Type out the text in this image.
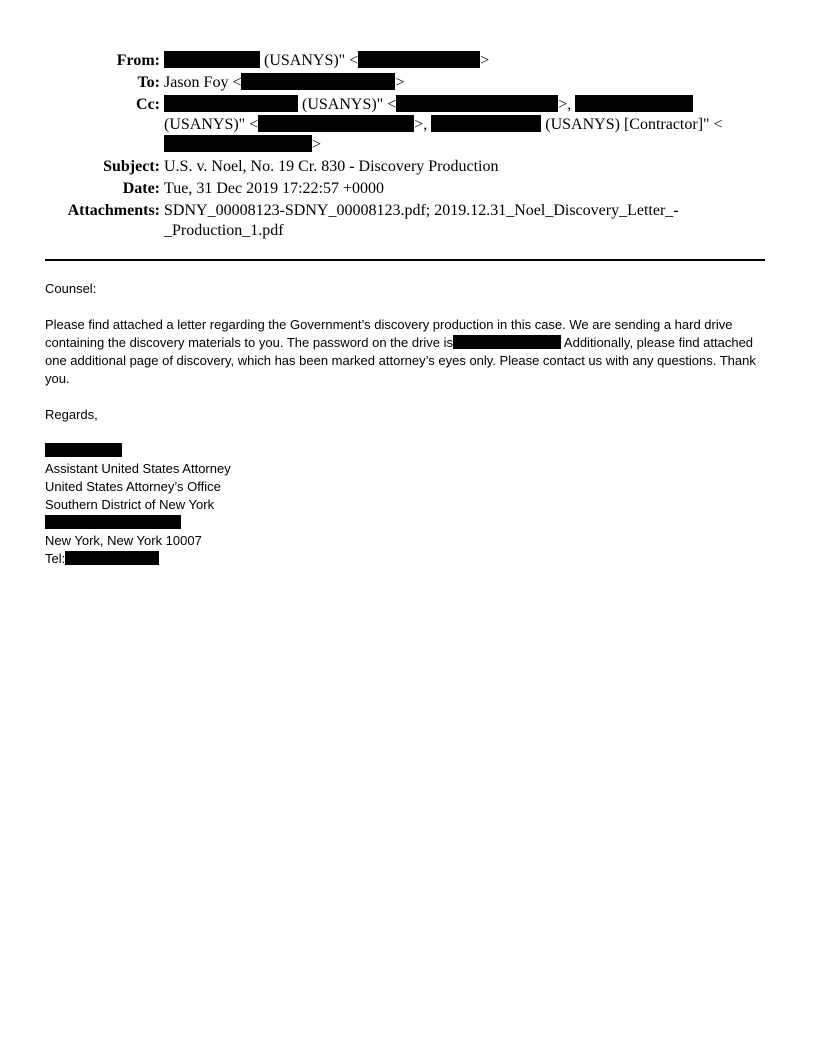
From:	(USANYS)" <	>
To: Jason Foy <	>
Cc:	(USANYS)" <	>,  (USANYS)" <	>,	(USANYS) [Contractor]" <>
Subject: U.S. v. Noel, No. 19 Cr. 830 - Discovery Production
Date: Tue, 31 Dec 2019 17:22:57 +0000
Attachments: SDNY_00008123-SDNY_00008123.pdf; 2019.12.31_Noel_Discovery_Letter_-_Production_1.pdf

Counsel:

Please find attached a letter regarding the Government’s discovery production in this case. We are sending a hard drive containing the discovery materials to you. The password on the drive is	Additionally, please find attached one additional page of discovery, which has been marked attorney’s eyes only. Please contact us with any questions. Thank you.

Regards,

Assistant United States Attorney
United States Attorney’s Office
Southern District of New York
New York, New York 10007
Tel:
